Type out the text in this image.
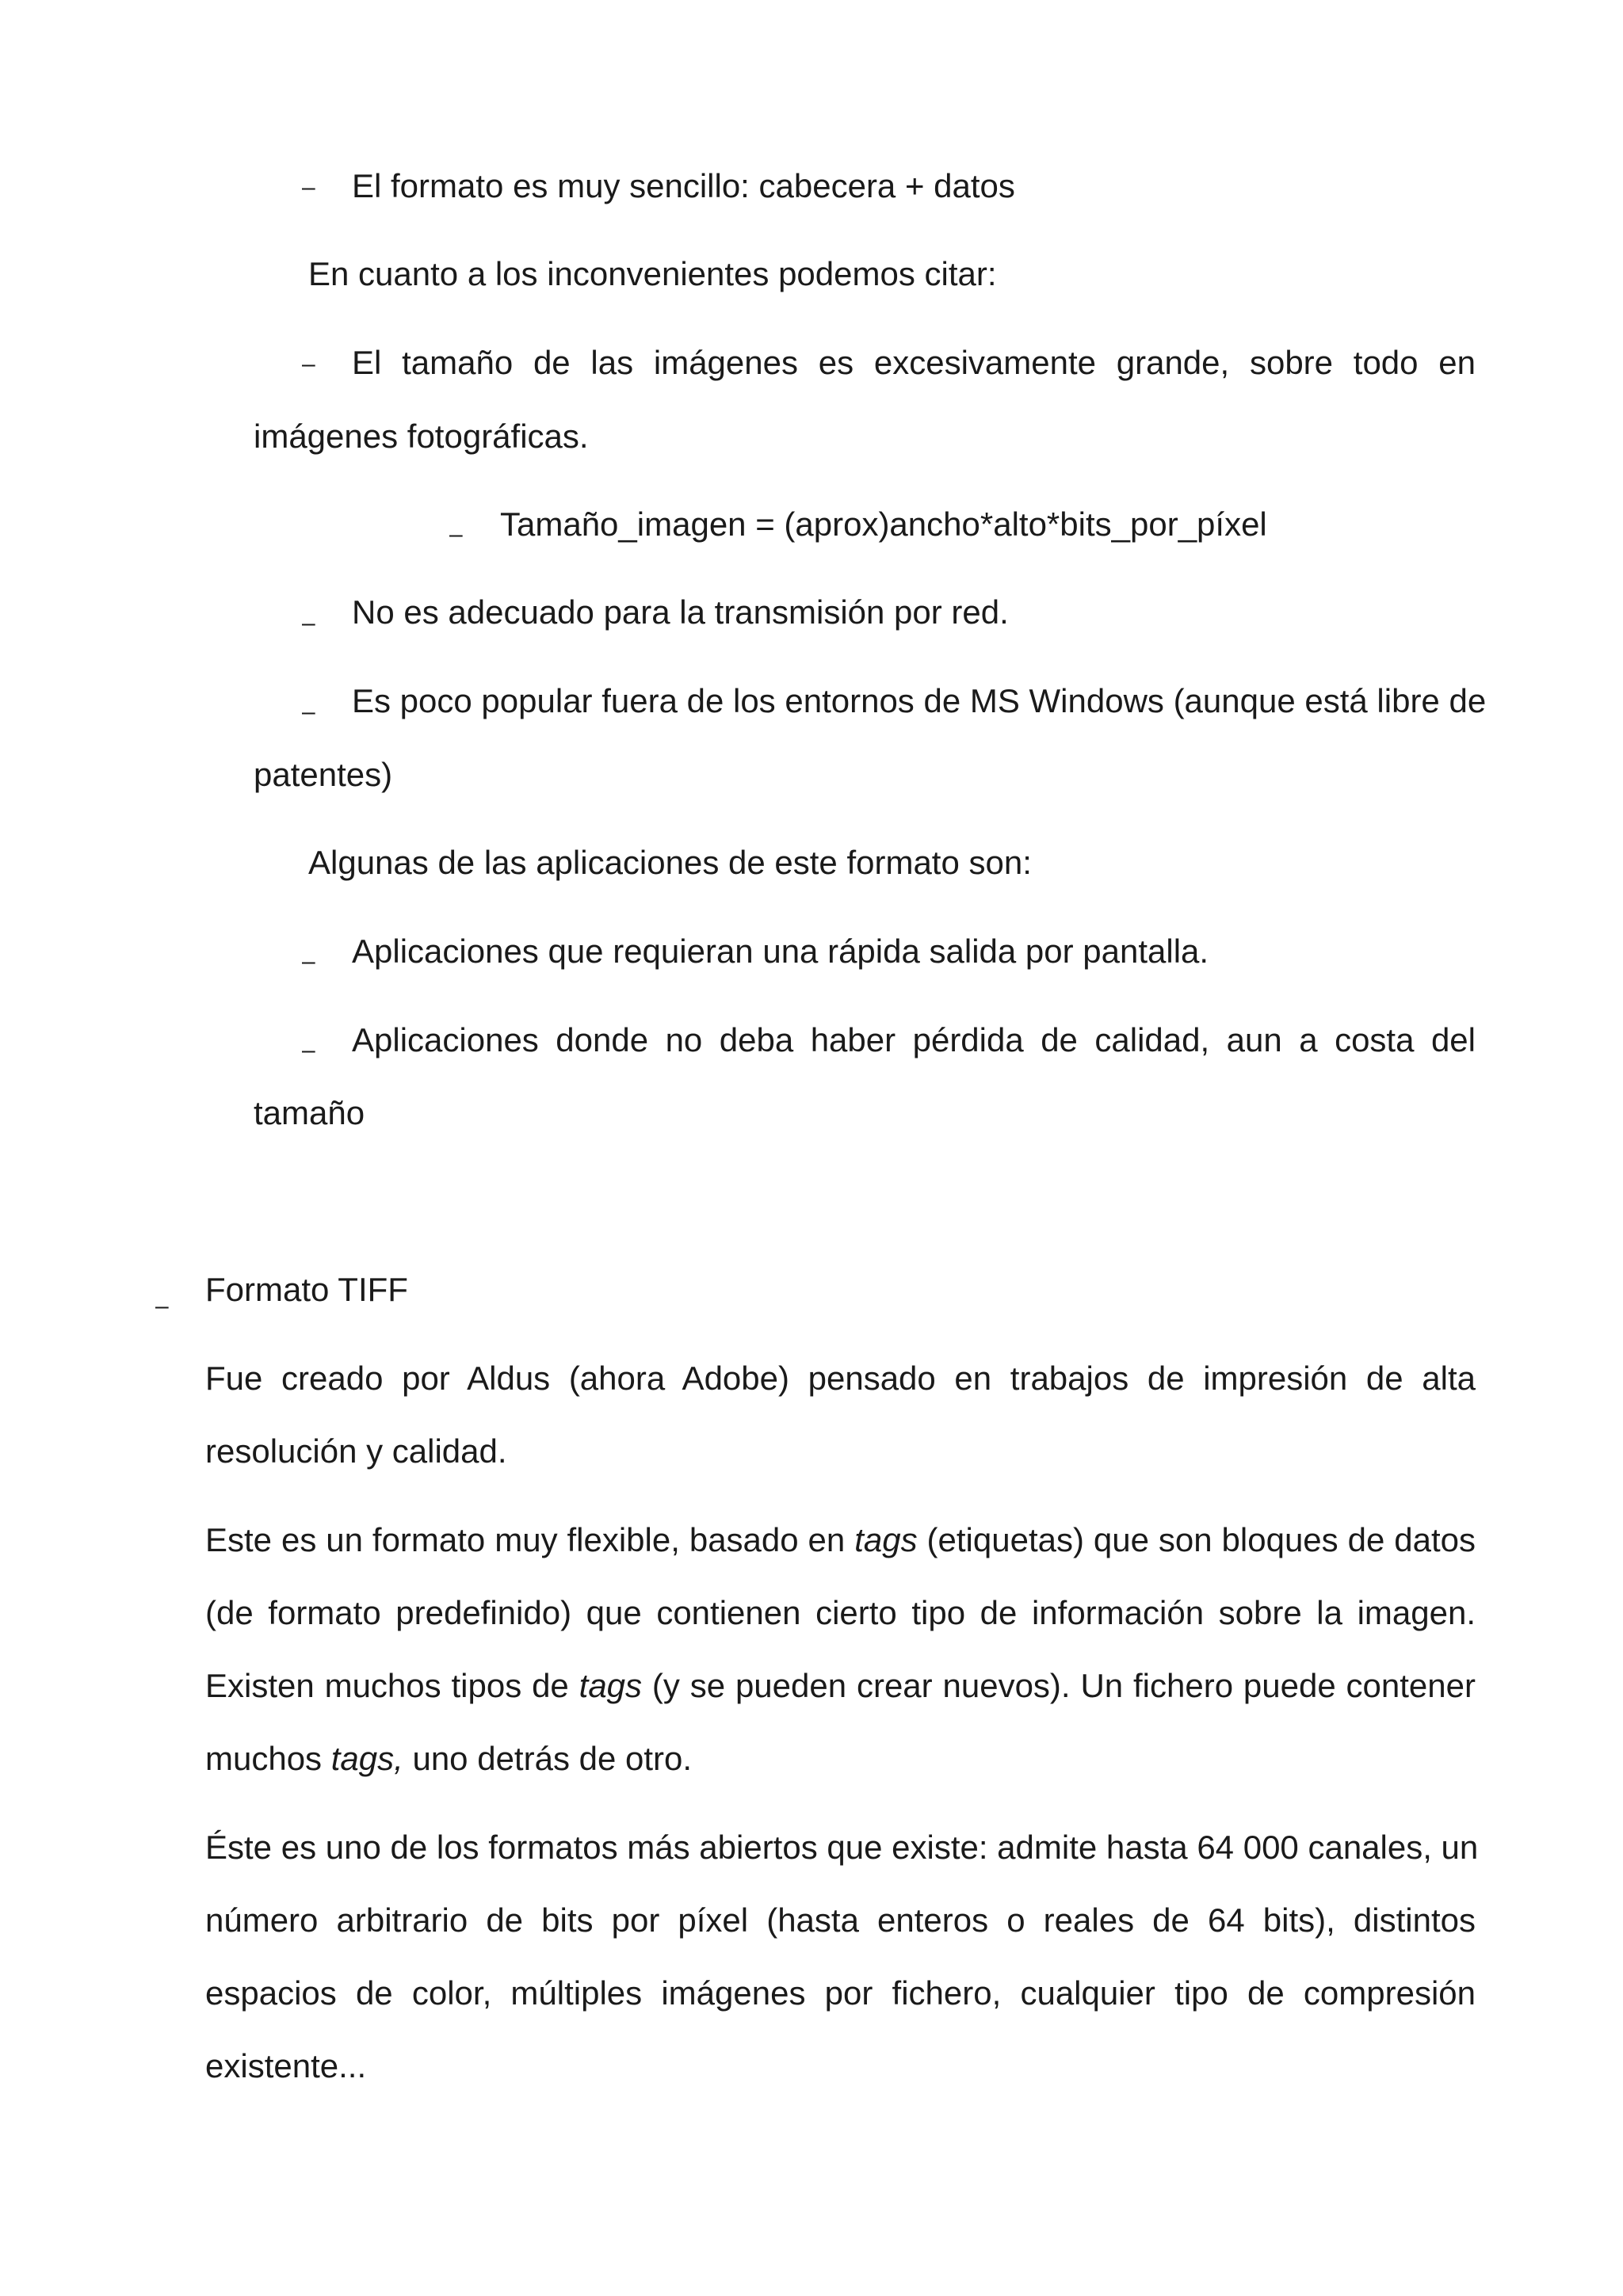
– El formato es muy sencillo: cabecera + datos
En cuanto a los inconvenientes podemos citar:
– El tamaño de las imágenes es excesivamente grande, sobre todo en
imágenes fotográficas.
– Tamaño_imagen = (aprox)ancho*alto*bits_por_píxel
– No es adecuado para la transmisión por red.
– Es poco popular fuera de los entornos de MS Windows (aunque está libre de
patentes)
Algunas de las aplicaciones de este formato son:
– Aplicaciones que requieran una rápida salida por pantalla.
– Aplicaciones donde no deba haber pérdida de calidad, aun a costa del
tamaño
– Formato TIFF
Fue creado por Aldus (ahora Adobe) pensado en trabajos de impresión de alta
resolución y calidad.
Este es un formato muy flexible, basado en tags (etiquetas) que son bloques de datos
(de formato predefinido) que contienen cierto tipo de información sobre la imagen.
Existen muchos tipos de tags (y se pueden crear nuevos). Un fichero puede contener
muchos tags, uno detrás de otro.
Éste es uno de los formatos más abiertos que existe: admite hasta 64 000 canales, un
número arbitrario de bits por píxel (hasta enteros o reales de 64 bits), distintos
espacios de color, múltiples imágenes por fichero, cualquier tipo de compresión
existente...
